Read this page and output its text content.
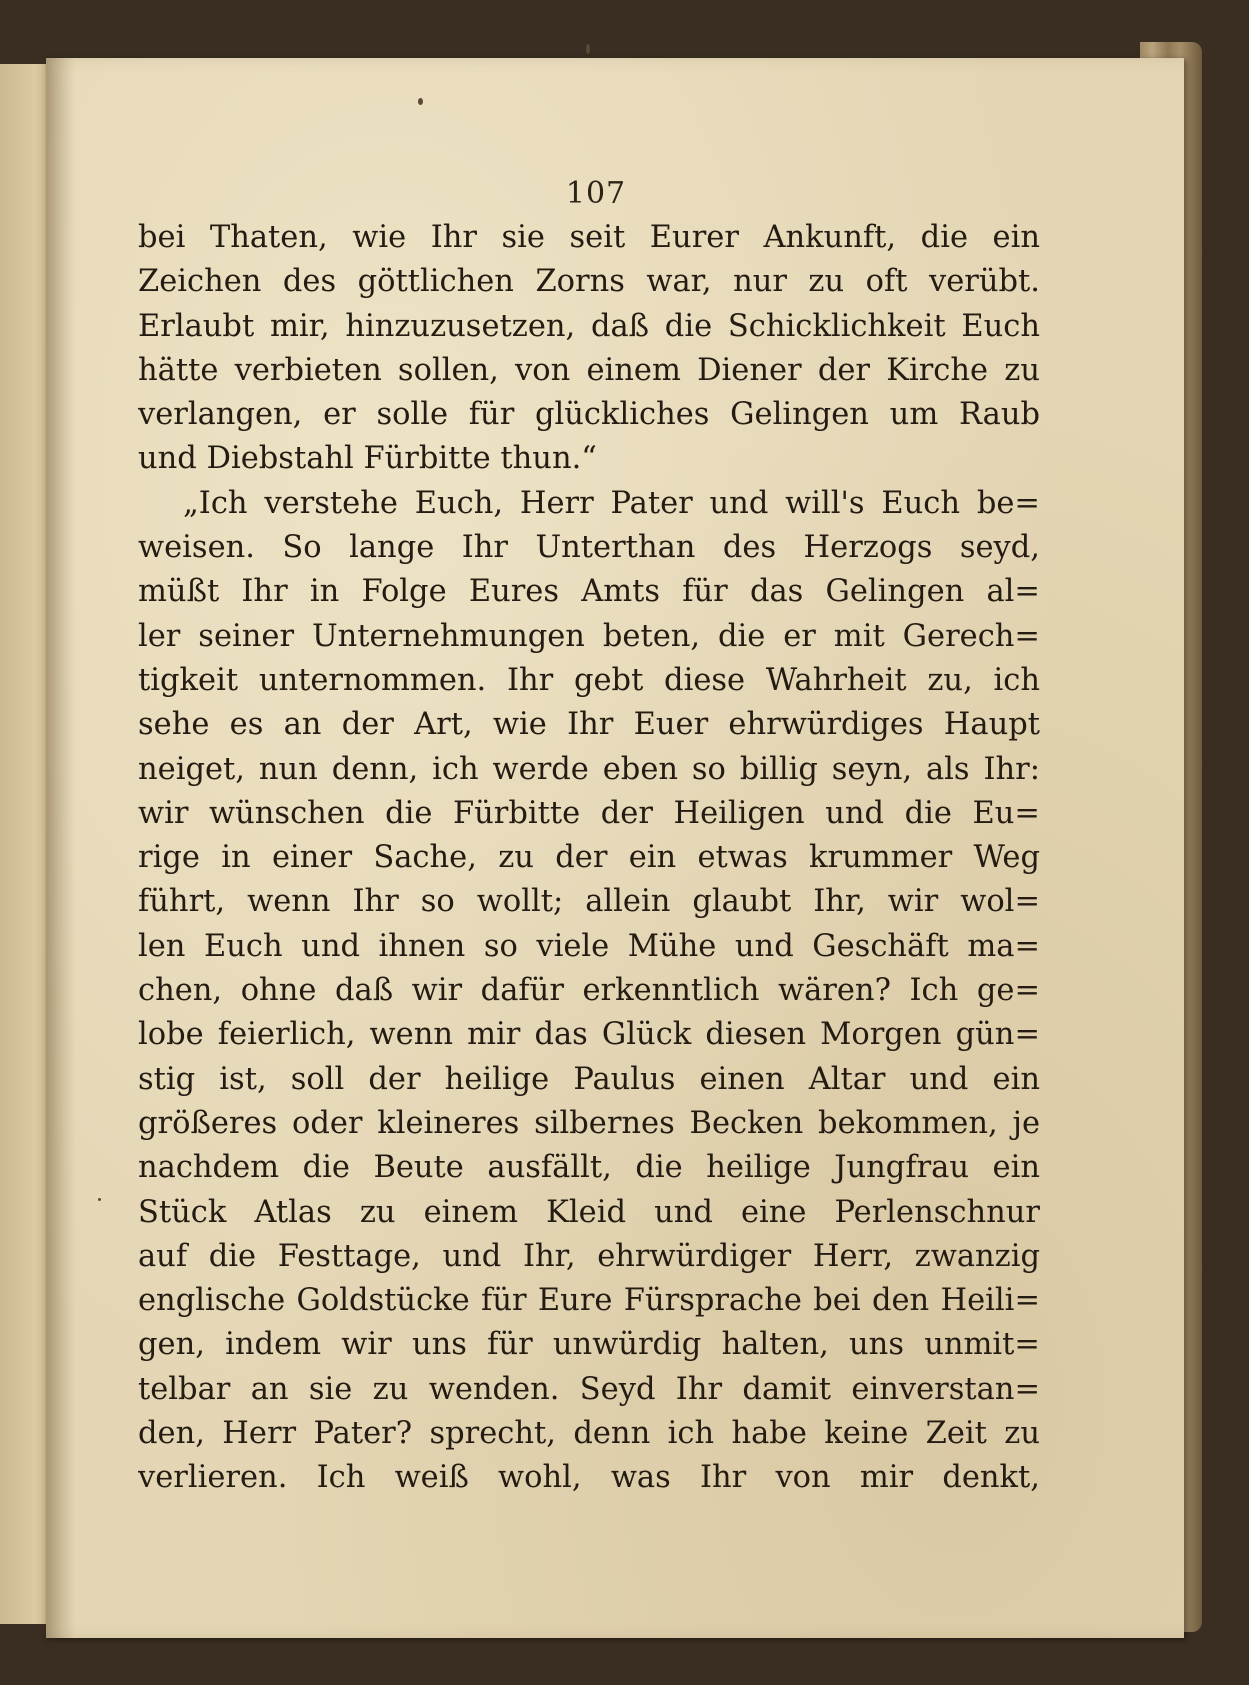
107
bei Thaten, wie Ihr sie seit Eurer Ankunft, die ein
Zeichen des göttlichen Zorns war, nur zu oft verübt.
Erlaubt mir, hinzuzusetzen, daß die Schicklichkeit Euch
hätte verbieten sollen, von einem Diener der Kirche zu
verlangen, er solle für glückliches Gelingen um Raub
und Diebstahl Fürbitte thun.“
„Ich verstehe Euch, Herr Pater und will's Euch be=
weisen. So lange Ihr Unterthan des Herzogs seyd,
müßt Ihr in Folge Eures Amts für das Gelingen al=
ler seiner Unternehmungen beten, die er mit Gerech=
tigkeit unternommen. Ihr gebt diese Wahrheit zu, ich
sehe es an der Art, wie Ihr Euer ehrwürdiges Haupt
neiget, nun denn, ich werde eben so billig seyn, als Ihr:
wir wünschen die Fürbitte der Heiligen und die Eu=
rige in einer Sache, zu der ein etwas krummer Weg
führt, wenn Ihr so wollt; allein glaubt Ihr, wir wol=
len Euch und ihnen so viele Mühe und Geschäft ma=
chen, ohne daß wir dafür erkenntlich wären? Ich ge=
lobe feierlich, wenn mir das Glück diesen Morgen gün=
stig ist, soll der heilige Paulus einen Altar und ein
größeres oder kleineres silbernes Becken bekommen, je
nachdem die Beute ausfällt, die heilige Jungfrau ein
Stück Atlas zu einem Kleid und eine Perlenschnur
auf die Festtage, und Ihr, ehrwürdiger Herr, zwanzig
englische Goldstücke für Eure Fürsprache bei den Heili=
gen, indem wir uns für unwürdig halten, uns unmit=
telbar an sie zu wenden. Seyd Ihr damit einverstan=
den, Herr Pater? sprecht, denn ich habe keine Zeit zu
verlieren. Ich weiß wohl, was Ihr von mir denkt,
